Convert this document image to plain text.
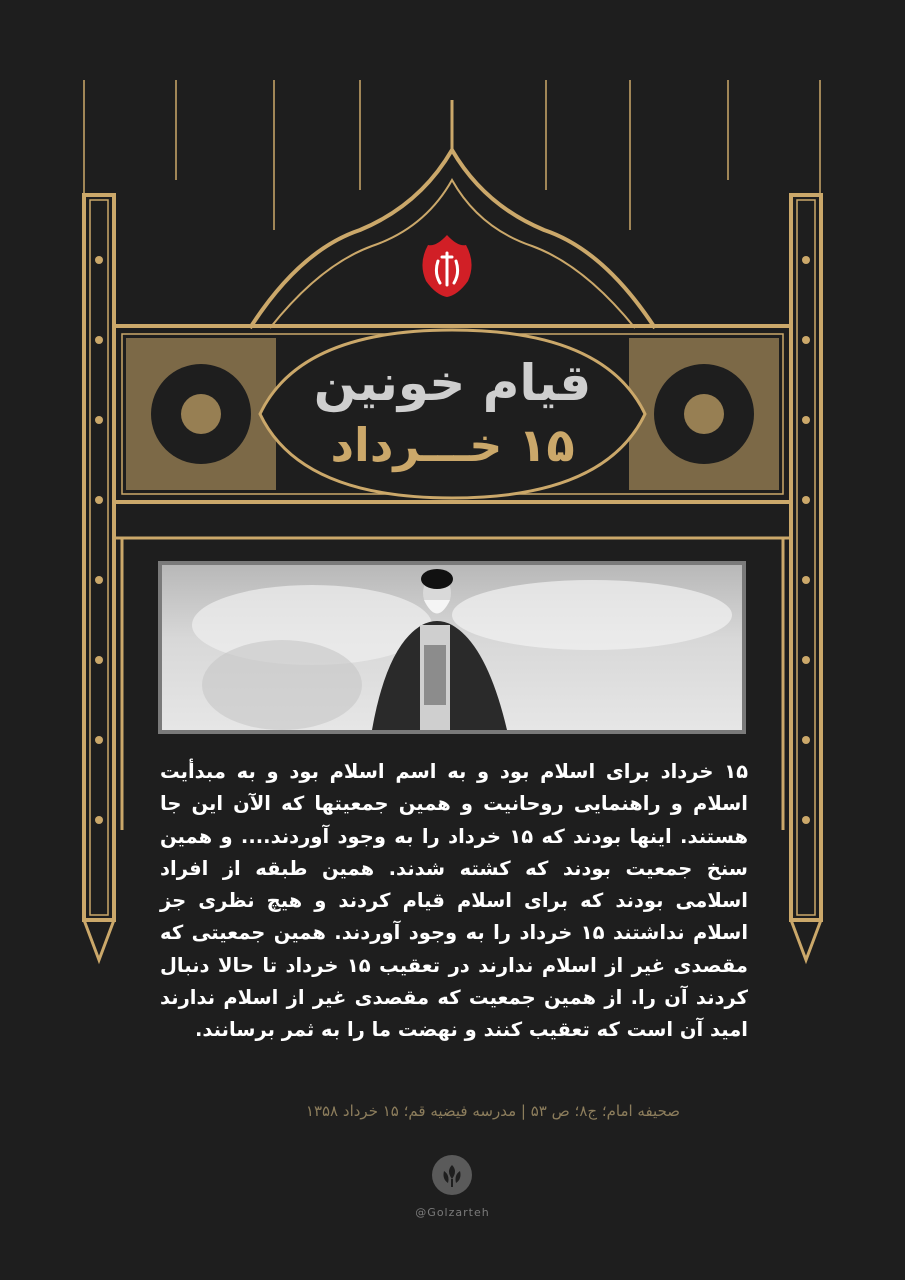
قیام خونین
۱۵ خـــرداد
۱۵ خرداد برای اسلام بود و به اسم اسلام بود و به مبدأیت اسلام و راهنمایی روحانیت و همین جمعیتها که الآن این جا هستند. اینها بودند که ۱۵ خرداد را به وجود آوردند.... و همین سنخ جمعیت بودند که کشته شدند. همین طبقه از افراد اسلامی بودند که برای اسلام قیام کردند و هیچ نظری جز اسلام نداشتند ۱۵ خرداد را به وجود آوردند. همین جمعیتی که مقصدی غیر از اسلام ندارند در تعقیب ۱۵ خرداد تا حالا دنبال کردند آن را. از همین جمعیت که مقصدی غیر از اسلام ندارند امید آن است که تعقیب کنند و نهضت ما را به ثمر برسانند.
صحیفه امام؛ ج۸؛ ص ۵۳ | مدرسه فیضیه قم؛ ۱۵ خرداد ۱۳۵۸
@Golzarteh
